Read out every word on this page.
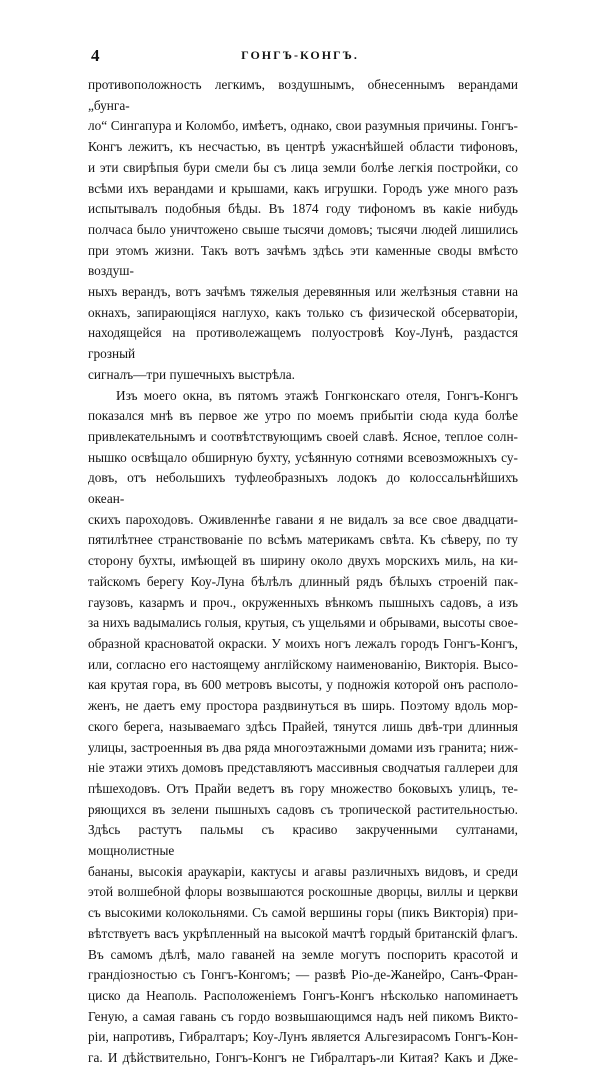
4	ГОНГЪ-КОНГЪ.

противоположность легкимъ, воздушнымъ, обнесеннымъ верандами „бунга-

ло“ Сингапура и Коломбо, имѣетъ, однако, свои разумныя причины. Гонгъ-

Конгъ лежитъ, къ несчастью, въ центрѣ ужаснѣйшей области тифоновъ,

и эти свирѣпыя бури смели бы съ лица земли болѣе легкія постройки, со

всѣми ихъ верандами и крышами, какъ игрушки. Городъ уже много разъ

испытывалъ подобныя бѣды. Въ 1874 году тифономъ въ какіе нибудь

полчаса было уничтожено свыше тысячи домовъ; тысячи людей лишились

при этомъ жизни. Такъ вотъ зачѣмъ здѣсь эти каменные своды вмѣсто воздуш-

ныхъ верандъ, вотъ зачѣмъ тяжелыя деревянныя или желѣзныя ставни на

окнахъ, запирающіяся наглухо, какъ только съ физической обсерваторіи,

находящейся на противолежащемъ полуостровѣ Коу-Лунѣ, раздастся грозный

сигналъ—три пушечныхъ выстрѣла.

Изъ моего окна, въ пятомъ этажѣ Гонгконскаго отеля, Гонгъ-Конгъ

показался мнѣ въ первое же утро по моемъ прибытіи сюда куда болѣе

привлекательнымъ и соотвѣтствующимъ своей славѣ. Ясное, теплое солн-

нышко освѣщало обширную бухту, усѣянную сотнями всевозможныхъ су-

довъ, отъ небольшихъ туфлеобразныхъ лодокъ до колоссальнѣйшихъ океан-

скихъ пароходовъ. Оживленнѣе гавани я не видалъ за все свое двадцати-

пятилѣтнее странствованіе по всѣмъ материкамъ свѣта. Къ сѣверу, по ту

сторону бухты, имѣющей въ ширину около двухъ морскихъ миль, на ки-

тайскомъ берегу Коу-Луна бѣлѣлъ длинный рядъ бѣлыхъ строеній пак-

гаузовъ, казармъ и проч., окруженныхъ вѣнкомъ пышныхъ садовъ, а изъ

за нихъ вадымались голыя, крутыя, съ ущельями и обрывами, высоты свое-

образной красноватой окраски. У моихъ ногъ лежалъ городъ Гонгъ-Конгъ,

или, согласно его настоящему англійскому наименованію, Викторія. Высо-

кая крутая гора, въ 600 метровъ высоты, у подножія которой онъ располо-

женъ, не даетъ ему простора раздвинуться въ ширь. Поэтому вдоль мор-

ского берега, называемаго здѣсь Прайей, тянутся лишь двѣ-три длинныя

улицы, застроенныя въ два ряда многоэтажными домами изъ гранита; ниж-

ніе этажи этихъ домовъ представляютъ массивныя сводчатыя галлереи для

пѣшеходовъ. Отъ Прайи ведетъ въ гору множество боковыхъ улицъ, те-

ряющихся въ зелени пышныхъ садовъ съ тропической растительностью.

Здѣсь растутъ пальмы съ красиво закрученными султанами, мощнолистные

бананы, высокія араукаріи, кактусы и агавы различныхъ видовъ, и среди

этой волшебной флоры возвышаются роскошные дворцы, виллы и церкви

съ высокими колокольнями. Съ самой вершины горы (пикъ Викторія) при-

вѣтствуетъ васъ укрѣпленный на высокой мачтѣ гордый британскій флагъ.

Въ самомъ дѣлѣ, мало гаваней на земле могутъ поспорить красотой и

грандіозностью съ Гонгъ-Конгомъ; — развѣ Ріо-де-Жанейро, Санъ-Фран-

циско да Неаполь. Расположеніемъ Гонгъ-Конгъ нѣсколько напоминаетъ

Геную, а самая гавань съ гордо возвышающимся надъ ней пикомъ Викто-

ріи, напротивъ, Гибралтаръ; Коу-Лунъ является Альгезирасомъ Гонгъ-Кон-

га. И дѣйствительно, Гонгъ-Конгъ не Гибралтаръ-ли Китая? Какъ и Дже-
